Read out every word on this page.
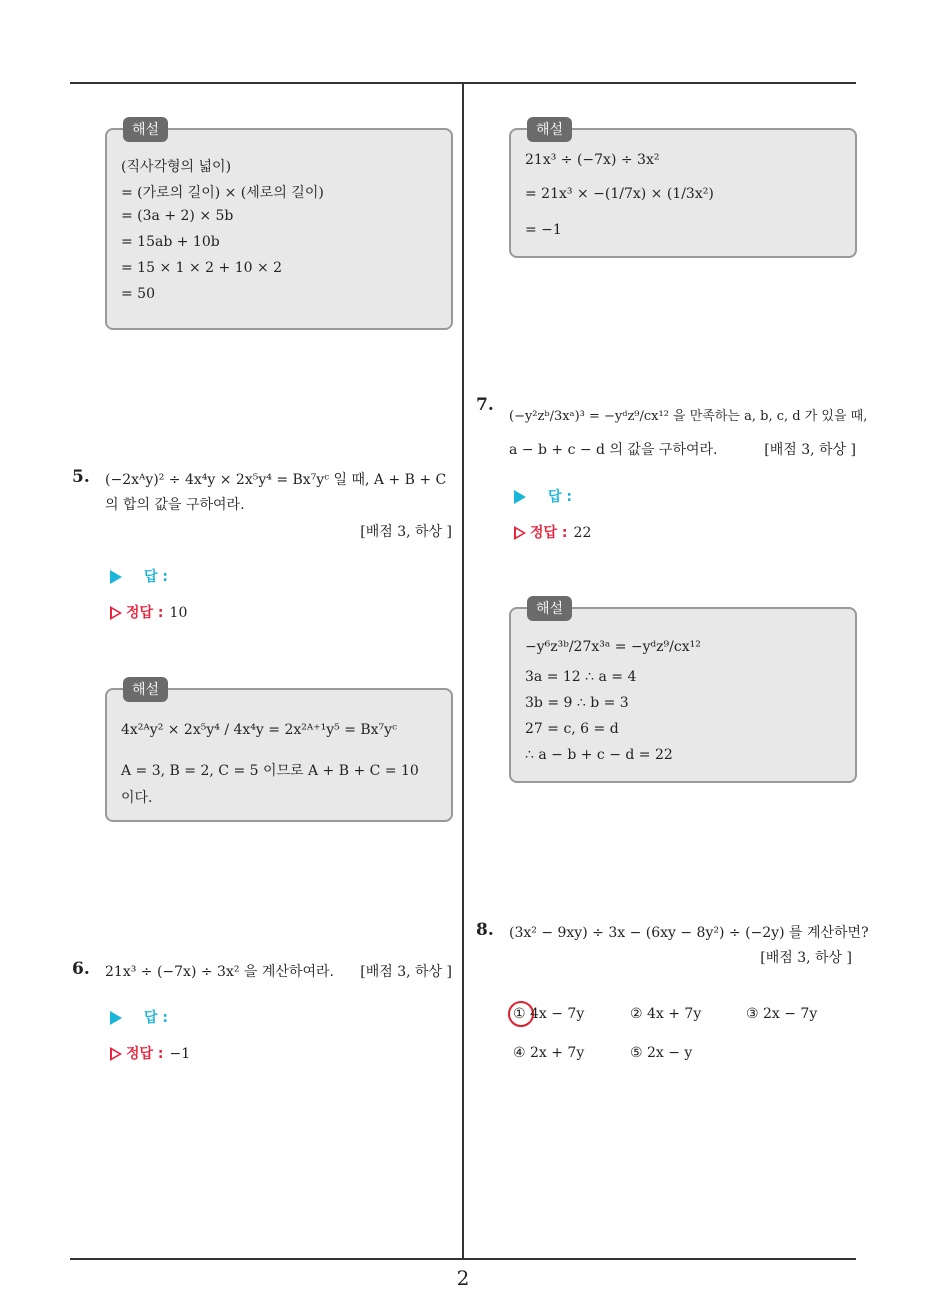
2
해설
(직사각형의 넓이)
= (가로의 길이) × (세로의 길이)
= (3a + 2) × 5b
= 15ab + 10b
= 15 × 1 × 2 + 10 × 2
= 50
5. (−2xᴬy)² ÷ 4x⁴y × 2x⁵y⁴ = Bx⁷yᶜ 일 때, A + B + C
의 합의 값을 구하여라.
[배점 3, 하상 ]
답 :
정답 : 10
해설
4x²ᴬy² × 2x⁵y⁴ / 4x⁴y = 2x²ᴬ⁺¹y⁵ = Bx⁷yᶜ
A = 3, B = 2, C = 5 이므로 A + B + C = 10
이다.
6. 21x³ ÷ (−7x) ÷ 3x² 을 계산하여라. [배점 3, 하상 ]
답 :
정답 : −1
해설
21x³ ÷ (−7x) ÷ 3x²
= 21x³ × −(1/7x) × (1/3x²)
= −1
7.
(−y²zᵇ/3xᵃ)³ = −yᵈz⁹/cx¹² 을 만족하는 a, b, c, d 가 있을 때,
a − b + c − d 의 값을 구하여라.	[배점 3, 하상 ]
답 :
정답 : 22
해설
−y⁶z³ᵇ/27x³ᵃ = −yᵈz⁹/cx¹²
3a = 12 ∴ a = 4
3b = 9 ∴ b = 3
27 = c, 6 = d
∴ a − b + c − d = 22
8. (3x² − 9xy) ÷ 3x − (6xy − 8y²) ÷ (−2y) 를 계산하면?
[배점 3, 하상 ]
① 4x − 7y	② 4x + 7y	③ 2x − 7y
④ 2x + 7y	⑤ 2x − y
